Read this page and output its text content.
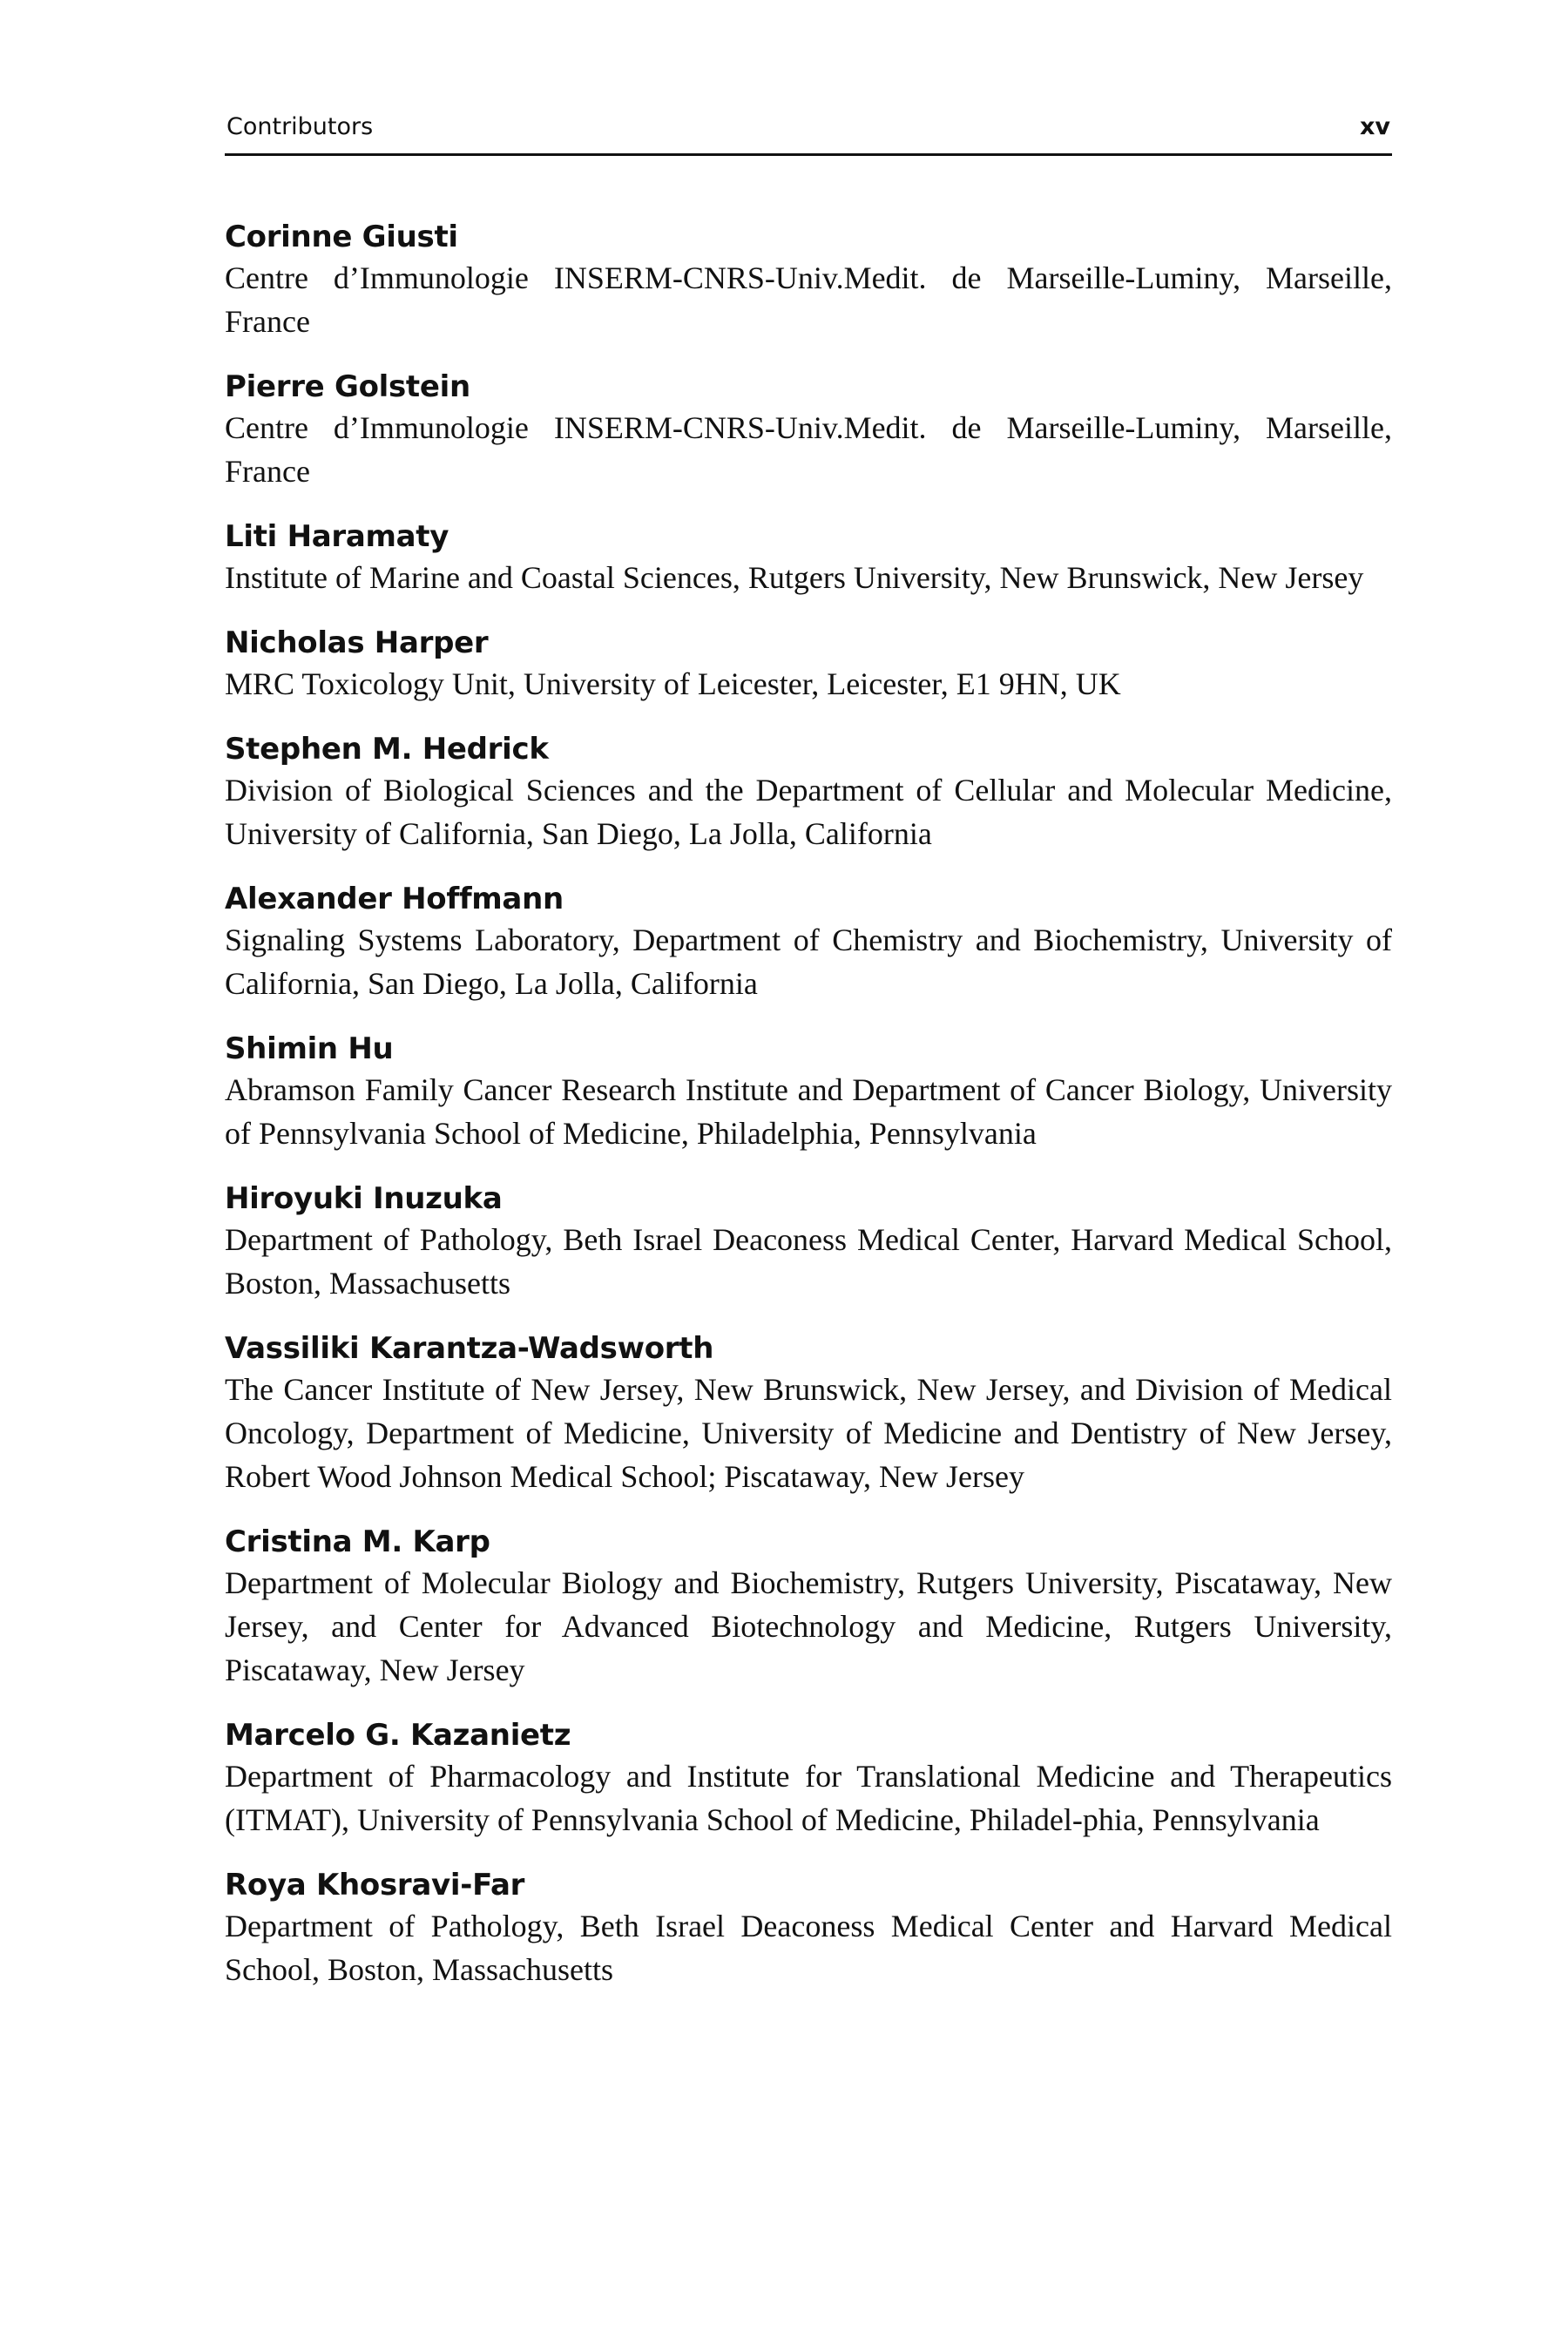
Contributors	xv
Corinne Giusti
Centre d’Immunologie INSERM-CNRS-Univ.Medit. de Marseille-Luminy, Marseille, France
Pierre Golstein
Centre d’Immunologie INSERM-CNRS-Univ.Medit. de Marseille-Luminy, Marseille, France
Liti Haramaty
Institute of Marine and Coastal Sciences, Rutgers University, New Brunswick, New Jersey
Nicholas Harper
MRC Toxicology Unit, University of Leicester, Leicester, E1 9HN, UK
Stephen M. Hedrick
Division of Biological Sciences and the Department of Cellular and Molecular Medicine, University of California, San Diego, La Jolla, California
Alexander Hoffmann
Signaling Systems Laboratory, Department of Chemistry and Biochemistry, University of California, San Diego, La Jolla, California
Shimin Hu
Abramson Family Cancer Research Institute and Department of Cancer Biology, University of Pennsylvania School of Medicine, Philadelphia, Pennsylvania
Hiroyuki Inuzuka
Department of Pathology, Beth Israel Deaconess Medical Center, Harvard Medical School, Boston, Massachusetts
Vassiliki Karantza-Wadsworth
The Cancer Institute of New Jersey, New Brunswick, New Jersey, and Division of Medical Oncology, Department of Medicine, University of Medicine and Dentistry of New Jersey, Robert Wood Johnson Medical School; Piscataway, New Jersey
Cristina M. Karp
Department of Molecular Biology and Biochemistry, Rutgers University, Piscataway, New Jersey, and Center for Advanced Biotechnology and Medicine, Rutgers University, Piscataway, New Jersey
Marcelo G. Kazanietz
Department of Pharmacology and Institute for Translational Medicine and Therapeutics (ITMAT), University of Pennsylvania School of Medicine, Philadel-phia, Pennsylvania
Roya Khosravi-Far
Department of Pathology, Beth Israel Deaconess Medical Center and Harvard Medical School, Boston, Massachusetts
